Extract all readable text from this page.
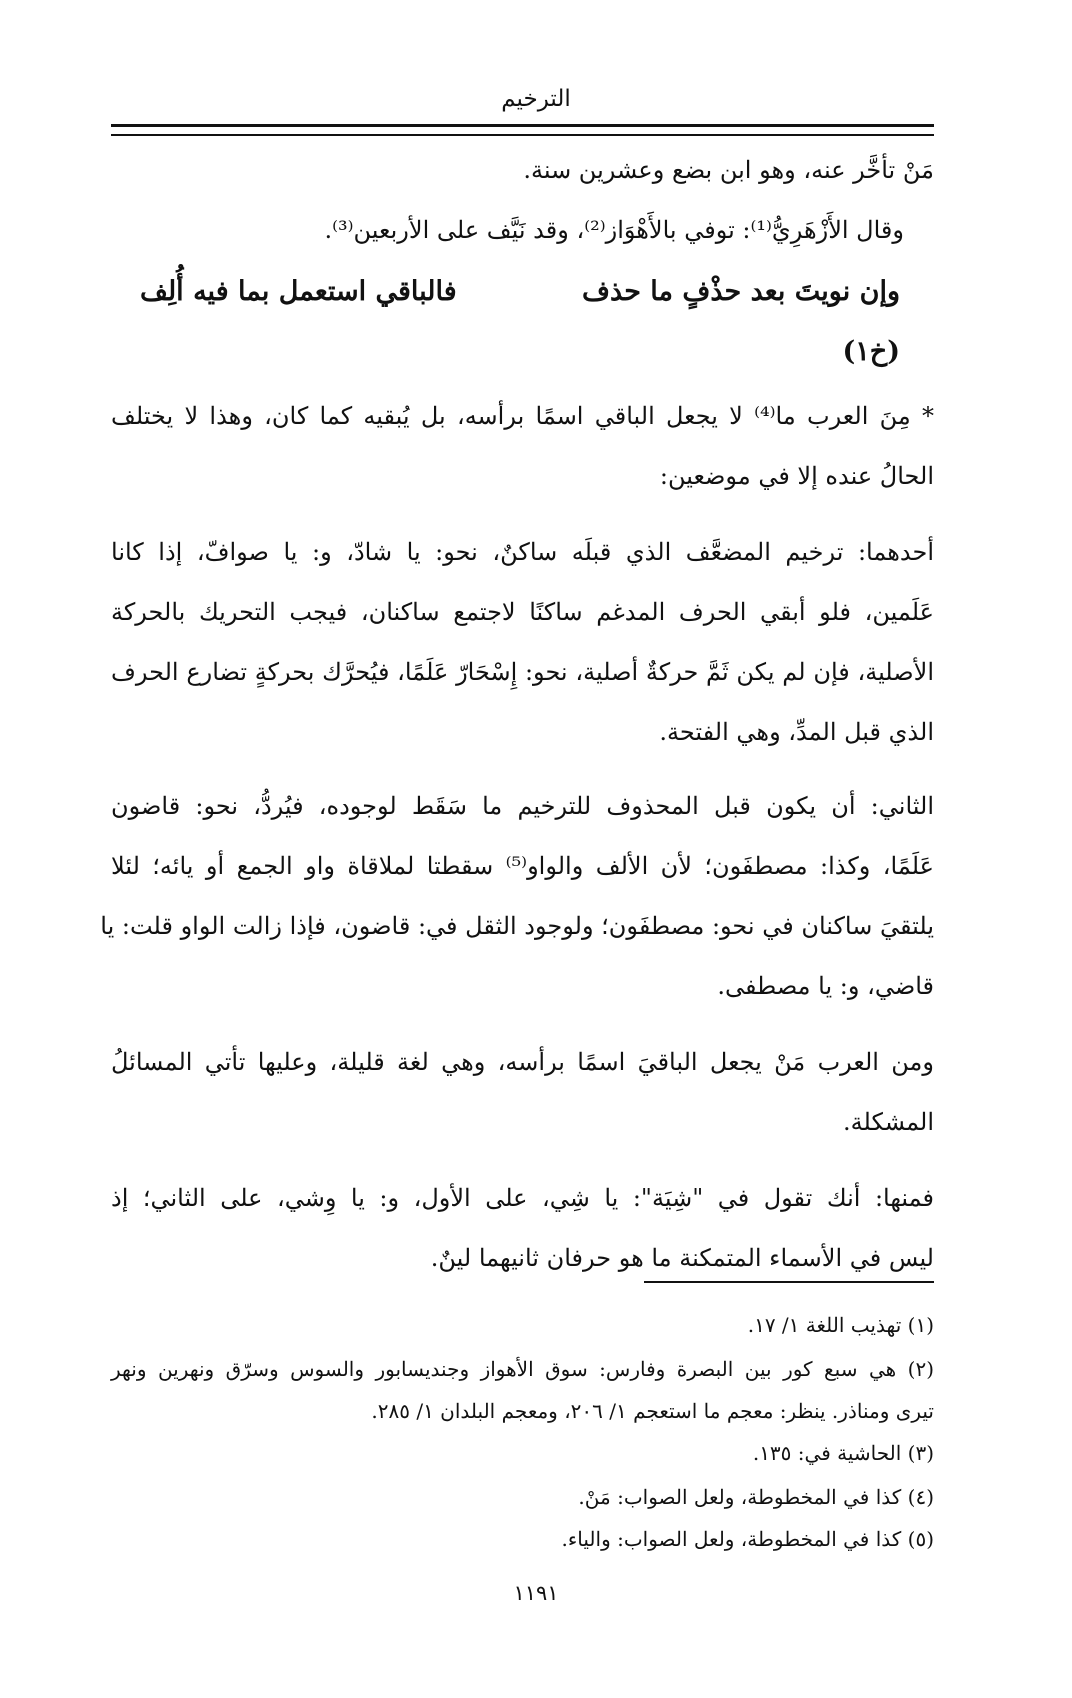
الترخيم
مَنْ تأخَّر عنه، وهو ابن بضع وعشرين سنة.
وقال الأَزْهَرِيُّ⁽¹⁾: توفي بالأَهْوَاز⁽²⁾، وقد نَيَّف على الأربعين⁽³⁾.
وإن نويتَ بعد حذْفٍ ما حذف
فالباقي استعمل بما فيه أُلِف
(خ١)
* مِنَ العرب ما⁽⁴⁾ لا يجعل الباقي اسمًا برأسه، بل يُبقيه كما كان، وهذا لا يختلف
الحالُ عنده إلا في موضعين:
أحدهما: ترخيم المضعَّف الذي قبلَه ساكنٌ، نحو: يا شادّ، و: يا صوافّ، إذا كانا
عَلَمين، فلو أبقي الحرف المدغم ساكنًا لاجتمع ساكنان، فيجب التحريك بالحركة
الأصلية، فإن لم يكن ثَمَّ حركةٌ أصلية، نحو: إِسْحَارّ عَلَمًا، فيُحرَّك بحركةٍ تضارع الحرف
الذي قبل المدِّ، وهي الفتحة.
الثاني: أن يكون قبل المحذوف للترخيم ما سَقَط لوجوده، فيُردُّ، نحو: قاضون
عَلَمًا، وكذا: مصطفَون؛ لأن الألف والواو⁽⁵⁾ سقطتا لملاقاة واو الجمع أو يائه؛ لئلا
يلتقيَ ساكنان في نحو: مصطفَون؛ ولوجود الثقل في: قاضون، فإذا زالت الواو قلت: يا
قاضي، و: يا مصطفى.
ومن العرب مَنْ يجعل الباقيَ اسمًا برأسه، وهي لغة قليلة، وعليها تأتي المسائلُ
المشكلة.
فمنها: أنك تقول في "شِيَة": يا شِي، على الأول، و: يا وِشي، على الثاني؛ إذ
ليس في الأسماء المتمكنة ما هو حرفان ثانيهما لينٌ.
(١) تهذيب اللغة ١/ ١٧.
(٢) هي سبع كور بين البصرة وفارس: سوق الأهواز وجنديسابور والسوس وسرّق ونهرين ونهر
تيرى ومناذر. ينظر: معجم ما استعجم ١/ ٢٠٦، ومعجم البلدان ١/ ٢٨٥.
(٣) الحاشية في: ١٣٥.
(٤) كذا في المخطوطة، ولعل الصواب: مَنْ.
(٥) كذا في المخطوطة، ولعل الصواب: والياء.
١١٩١
